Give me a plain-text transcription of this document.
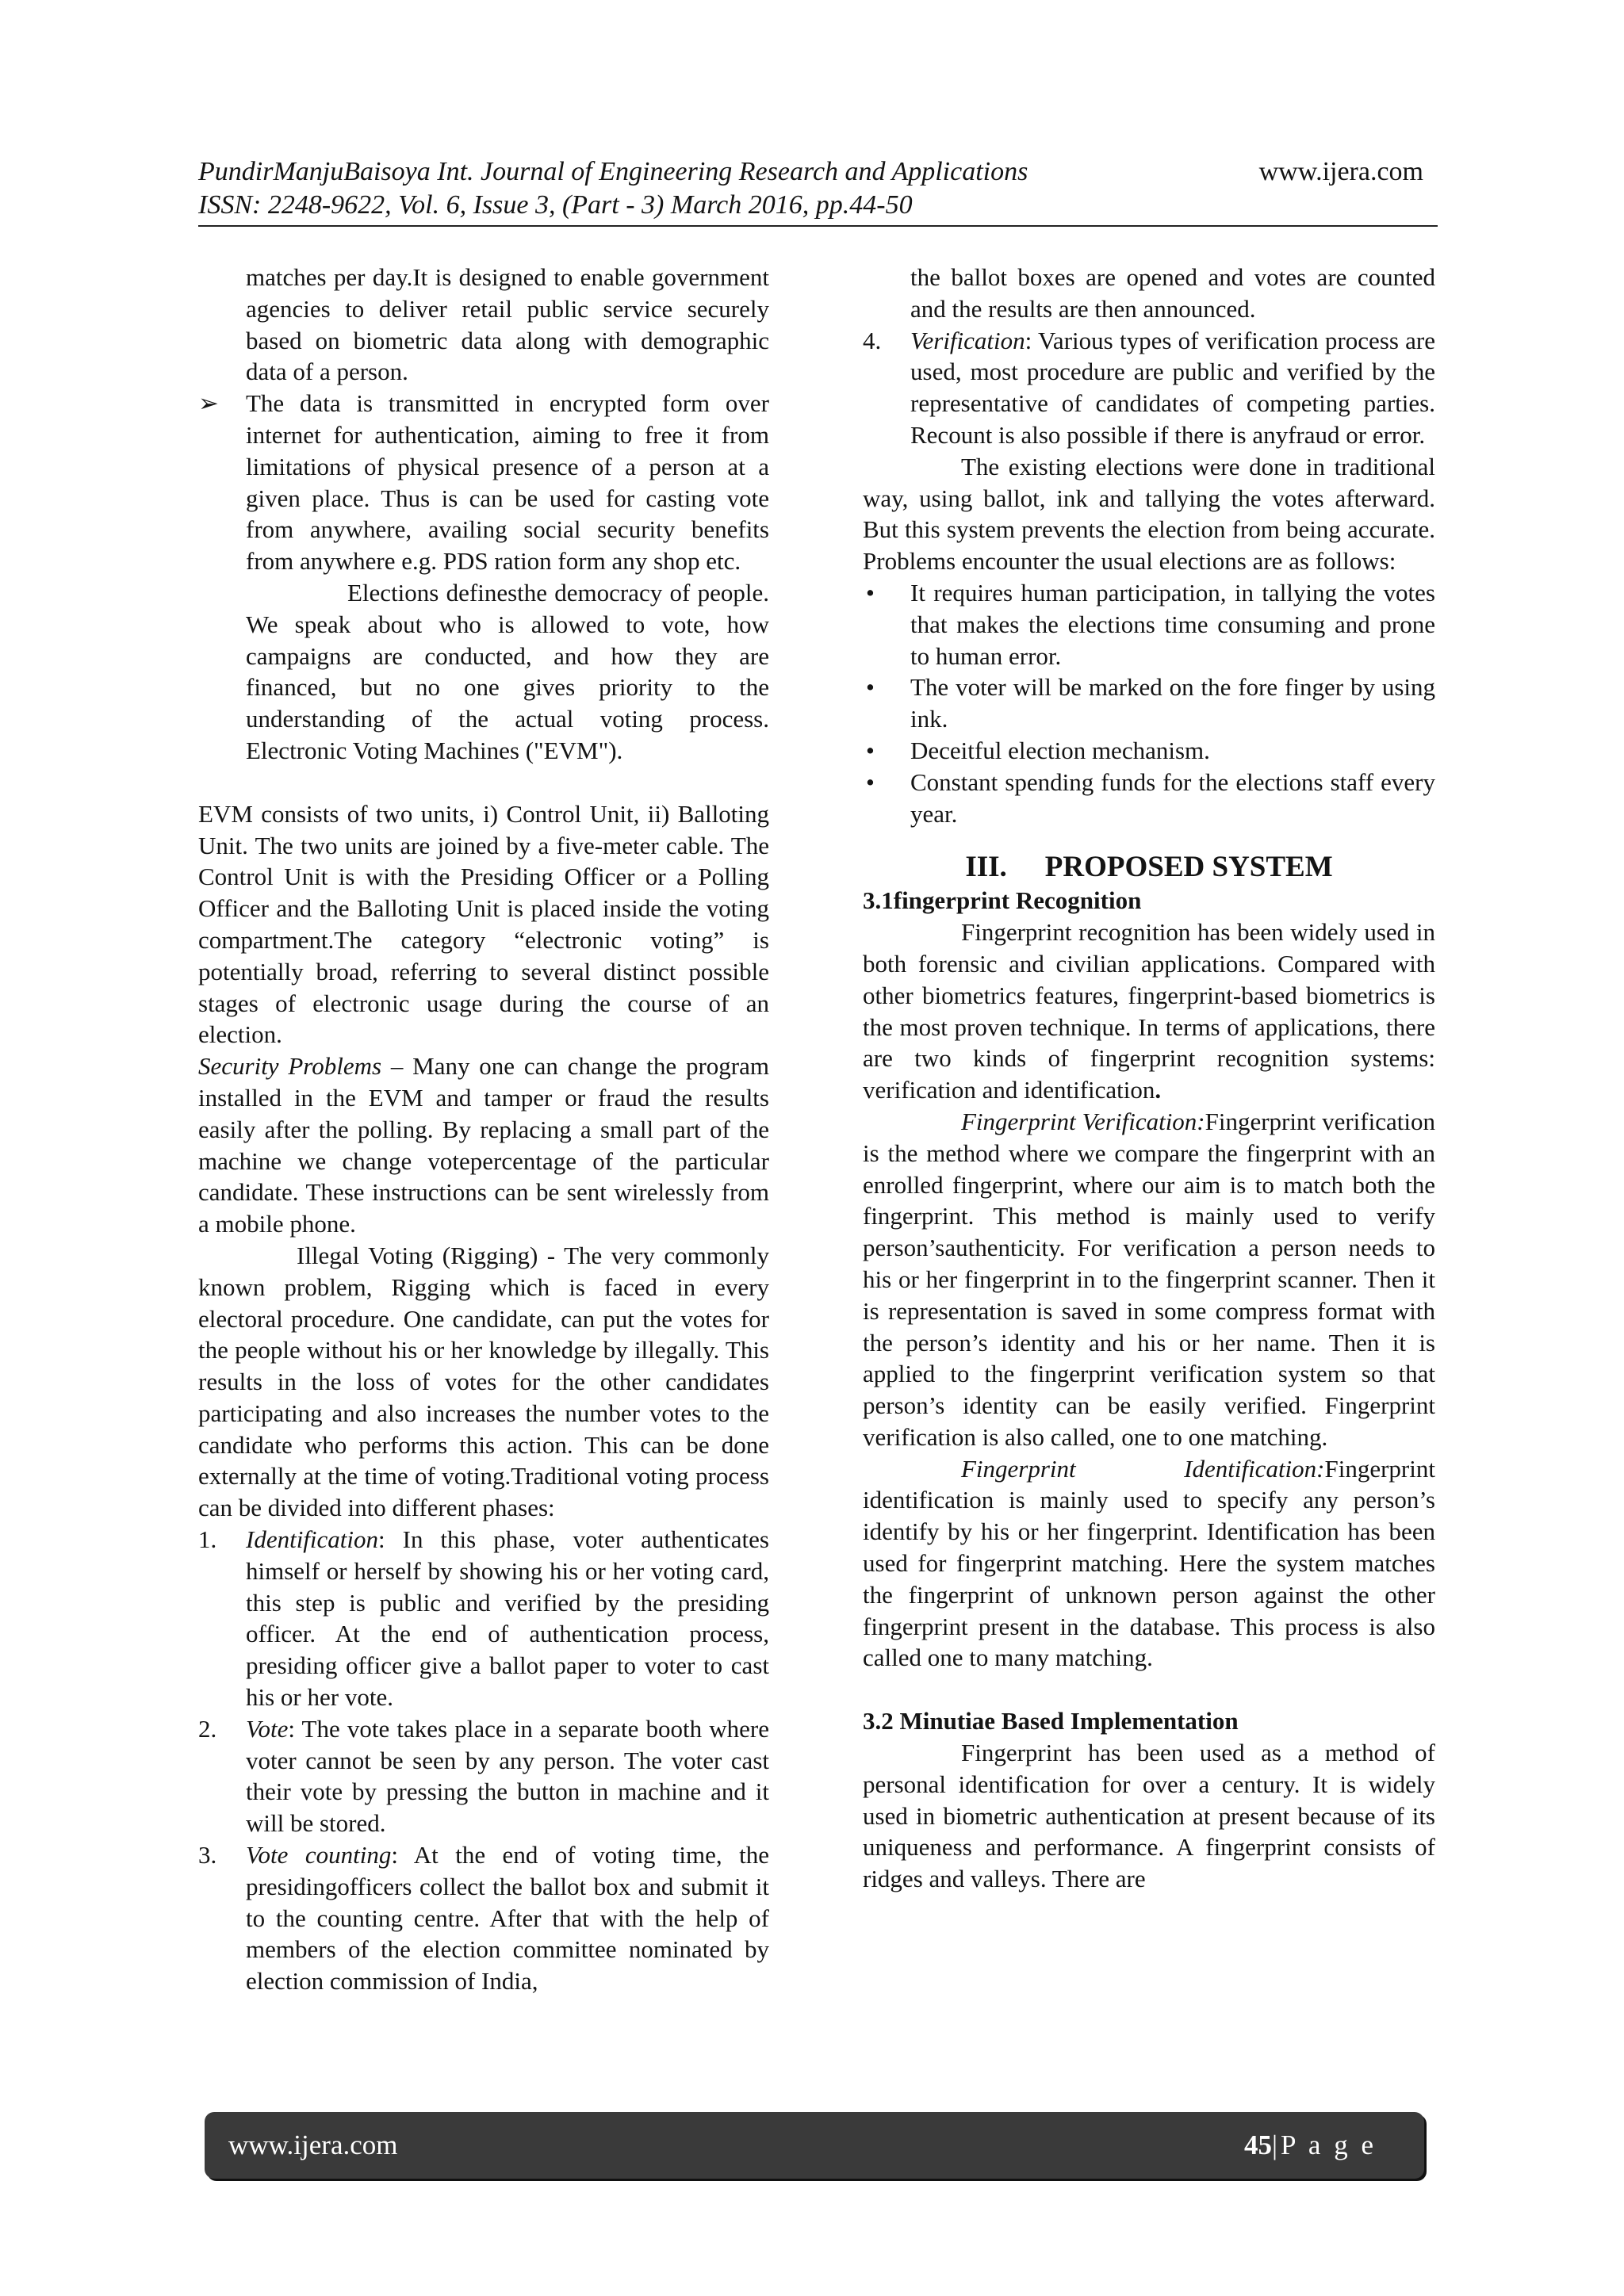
PundirManjuBaisoya Int. Journal of Engineering Research and Applications
ISSN: 2248-9622, Vol. 6, Issue 3, (Part - 3) March 2016, pp.44-50
www.ijera.com

matches per day.It is designed to enable government agencies to deliver retail public service securely based on biometric data along with demographic data of a person.

➢ The data is transmitted in encrypted form over internet for authentication, aiming to free it from limitations of physical presence of a person at a given place. Thus is can be used for casting vote from anywhere, availing social security benefits from anywhere e.g. PDS ration form any shop etc.

Elections definesthe democracy of people. We speak about who is allowed to vote, how campaigns are conducted, and how they are financed, but no one gives priority to the understanding of the actual voting process. Electronic Voting Machines ("EVM").

EVM consists of two units, i) Control Unit, ii) Balloting Unit. The two units are joined by a five-meter cable. The Control Unit is with the Presiding Officer or a Polling Officer and the Balloting Unit is placed inside the voting compartment.The category “electronic voting” is potentially broad, referring to several distinct possible stages of electronic usage during the course of an election.

Security Problems – Many one can change the program installed in the EVM and tamper or fraud the results easily after the polling. By replacing a small part of the machine we change votepercentage of the particular candidate. These instructions can be sent wirelessly from a mobile phone.

Illegal Voting (Rigging) - The very commonly known problem, Rigging which is faced in every electoral procedure. One candidate, can put the votes for the people without his or her knowledge by illegally. This results in the loss of votes for the other candidates participating and also increases the number votes to the candidate who performs this action. This can be done externally at the time of voting.Traditional voting process can be divided into different phases:

1. Identification: In this phase, voter authenticates himself or herself by showing his or her voting card, this step is public and verified by the presiding officer. At the end of authentication process, presiding officer give a ballot paper to voter to cast his or her vote.
2. Vote: The vote takes place in a separate booth where voter cannot be seen by any person. The voter cast their vote by pressing the button in machine and it will be stored.
3. Vote counting: At the end of voting time, the presidingofficers collect the ballot box and submit it to the counting centre. After that with the help of members of the election committee nominated by election commission of India,

the ballot boxes are opened and votes are counted and the results are then announced.

4. Verification: Various types of verification process are used, most procedure are public and verified by the representative of candidates of competing parties. Recount is also possible if there is anyfraud or error.

The existing elections were done in traditional way, using ballot, ink and tallying the votes afterward. But this system prevents the election from being accurate. Problems encounter the usual elections are as follows:

• It requires human participation, in tallying the votes that makes the elections time consuming and prone to human error.
• The voter will be marked on the fore finger by using ink.
• Deceitful election mechanism.
• Constant spending funds for the elections staff every year.

III. PROPOSED SYSTEM

3.1fingerprint Recognition

Fingerprint recognition has been widely used in both forensic and civilian applications. Compared with other biometrics features, fingerprint-based biometrics is the most proven technique. In terms of applications, there are two kinds of fingerprint recognition systems: verification and identification.

Fingerprint Verification:Fingerprint verification is the method where we compare the fingerprint with an enrolled fingerprint, where our aim is to match both the fingerprint. This method is mainly used to verify person’sauthenticity. For verification a person needs to his or her fingerprint in to the fingerprint scanner. Then it is representation is saved in some compress format with the person’s identity and his or her name. Then it is applied to the fingerprint verification system so that person’s identity can be easily verified. Fingerprint verification is also called, one to one matching.

Fingerprint Identification:Fingerprint identification is mainly used to specify any person’s identify by his or her fingerprint. Identification has been used for fingerprint matching. Here the system matches the fingerprint of unknown person against the other fingerprint present in the database. This process is also called one to many matching.

3.2 Minutiae Based Implementation

Fingerprint has been used as a method of personal identification for over a century. It is widely used in biometric authentication at present because of its uniqueness and performance. A fingerprint consists of ridges and valleys. There are

www.ijera.com	45|P a g e
